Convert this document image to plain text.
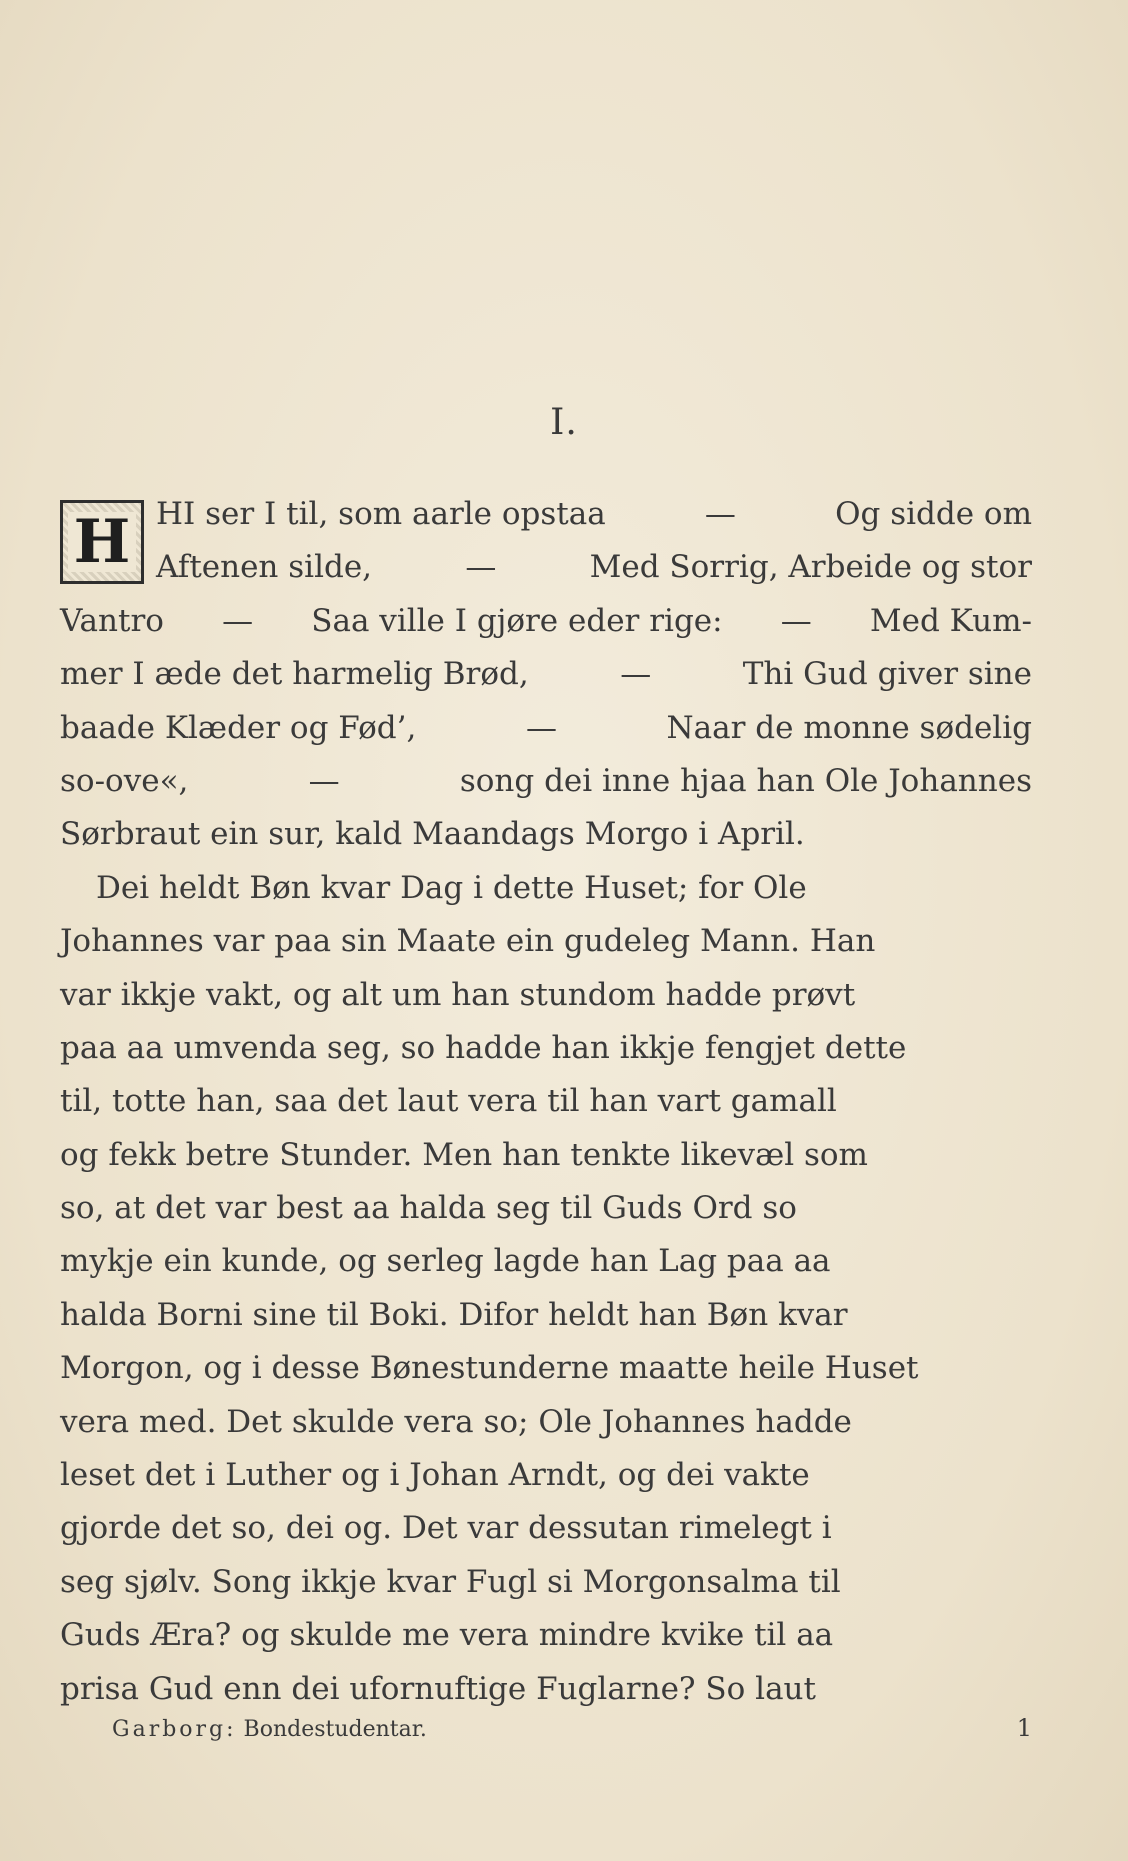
I.
H HI ser I til, som aarle opstaa	—	Og sidde om
Aftenen silde,	—	Med Sorrig, Arbeide og stor
Vantro — Saa ville I gjøre eder rige: — Med Kum-
mer I æde det harmelig Brød,	—	Thi Gud giver sine
baade Klæder og Fød’,	—	Naar de monne sødelig
so-ove«,	—	song dei inne hjaa han Ole Johannes
Sørbraut ein sur, kald Maandags Morgo i April.
Dei heldt Bøn kvar Dag i dette Huset; for Ole
Johannes var paa sin Maate ein gudeleg Mann. Han
var ikkje vakt, og alt um han stundom hadde prøvt
paa aa umvenda seg, so hadde han ikkje fengjet dette
til, totte han, saa det laut vera til han vart gamall
og fekk betre Stunder. Men han tenkte likevæl som
so, at det var best aa halda seg til Guds Ord so
mykje ein kunde, og serleg lagde han Lag paa aa
halda Borni sine til Boki. Difor heldt han Bøn kvar
Morgon, og i desse Bønestunderne maatte heile Huset
vera med. Det skulde vera so; Ole Johannes hadde
leset det i Luther og i Johan Arndt, og dei vakte
gjorde det so, dei og. Det var dessutan rimelegt i
seg sjølv. Song ikkje kvar Fugl si Morgonsalma til
Guds Æra? og skulde me vera mindre kvike til aa
prisa Gud enn dei ufornuftige Fuglarne? So laut
Garborg: Bondestudentar.	1
